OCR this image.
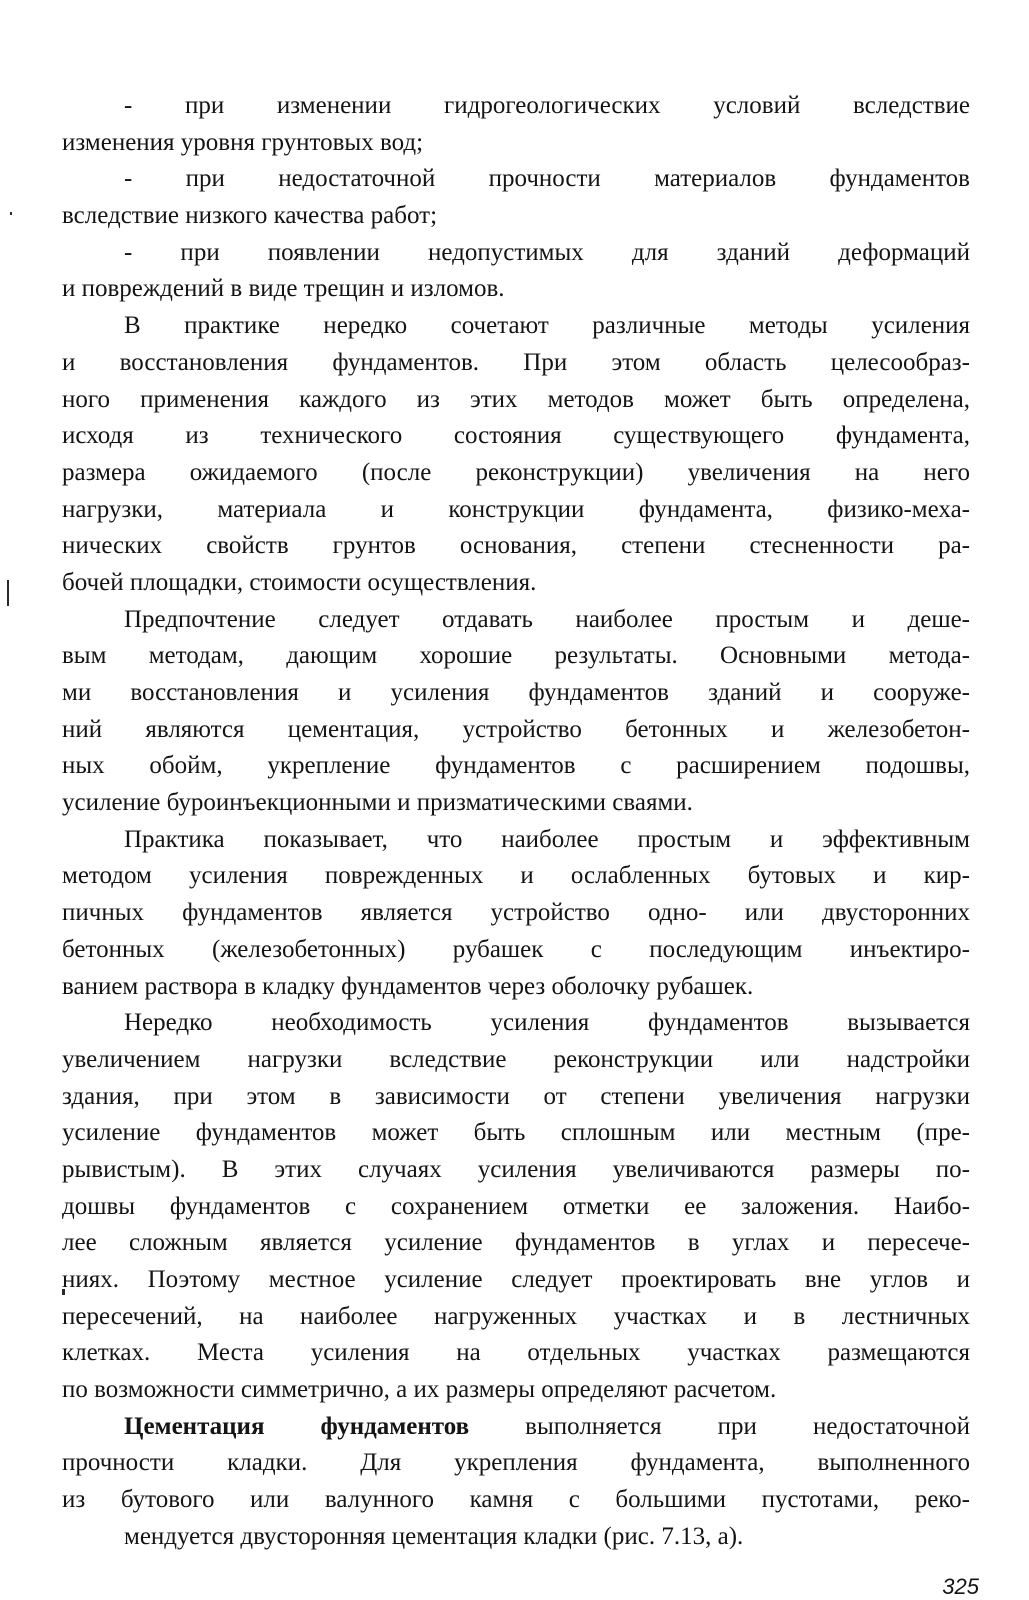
- при изменении гидрогеологических условий вследствие
изменения уровня грунтовых вод;
- при недостаточной прочности материалов фундаментов
вследствие низкого качества работ;
- при появлении недопустимых для зданий деформаций
и повреждений в виде трещин и изломов.
В практике нередко сочетают различные методы усиления
и восстановления фундаментов. При этом область целесообраз-
ного применения каждого из этих методов может быть определена,
исходя из технического состояния существующего фундамента,
размера ожидаемого (после реконструкции) увеличения на него
нагрузки, материала и конструкции фундамента, физико-меха-
нических свойств грунтов основания, степени стесненности ра-
бочей площадки, стоимости осуществления.
Предпочтение следует отдавать наиболее простым и деше-
вым методам, дающим хорошие результаты. Основными метода-
ми восстановления и усиления фундаментов зданий и сооруже-
ний являются цементация, устройство бетонных и железобетон-
ных обойм, укрепление фундаментов с расширением подошвы,
усиление буроинъекционными и призматическими сваями.
Практика показывает, что наиболее простым и эффективным
методом усиления поврежденных и ослабленных бутовых и кир-
пичных фундаментов является устройство одно- или двусторонних
бетонных (железобетонных) рубашек с последующим инъектиро-
ванием раствора в кладку фундаментов через оболочку рубашек.
Нередко необходимость усиления фундаментов вызывается
увеличением нагрузки вследствие реконструкции или надстройки
здания, при этом в зависимости от степени увеличения нагрузки
усиление фундаментов может быть сплошным или местным (пре-
рывистым). В этих случаях усиления увеличиваются размеры по-
дошвы фундаментов с сохранением отметки ее заложения. Наибо-
лее сложным является усиление фундаментов в углах и пересече-
ниях. Поэтому местное усиление следует проектировать вне углов и
пересечений, на наиболее нагруженных участках и в лестничных
клетках. Места усиления на отдельных участках размещаются
по возможности симметрично, а их размеры определяют расчетом.
Цементация фундаментов выполняется при недостаточной
прочности кладки. Для укрепления фундамента, выполненного
из бутового или валунного камня с большими пустотами, реко-
мендуется двусторонняя цементация кладки (рис. 7.13, а).
325
